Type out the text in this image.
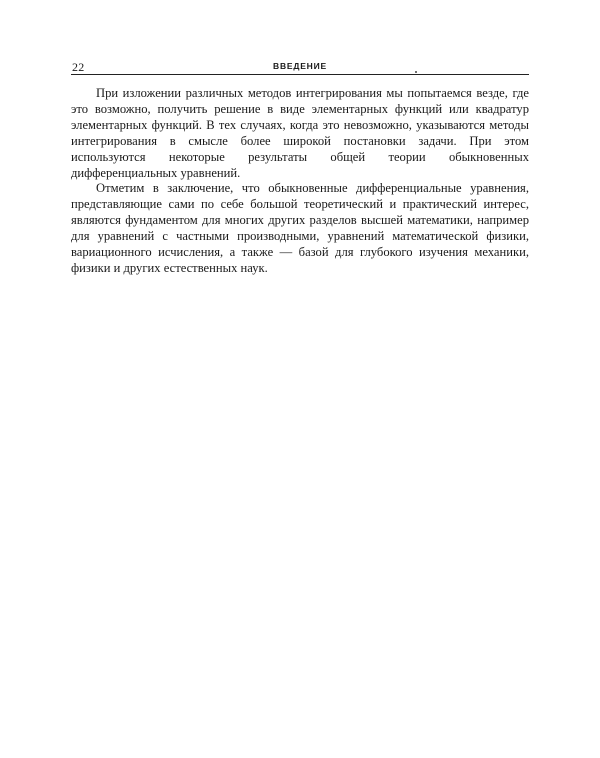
22	ВВЕДЕНИЕ

При изложении различных методов интегрирования мы попытаемся везде, где это возможно, получить решение в виде элементарных функций или квадратур элементарных функций. В тех случаях, когда это невозможно, указываются методы интегрирования в смысле более широкой постановки задачи. При этом используются некоторые результаты общей теории обыкновенных дифференциальных уравнений.

Отметим в заключение, что обыкновенные дифференциальные уравнения, представляющие сами по себе большой теоретический и практический интерес, являются фундаментом для многих других разделов высшей математики, например для уравнений с частными производными, уравнений математической физики, вариационного исчисления, а также — базой для глубокого изучения механики, физики и других естественных наук.
